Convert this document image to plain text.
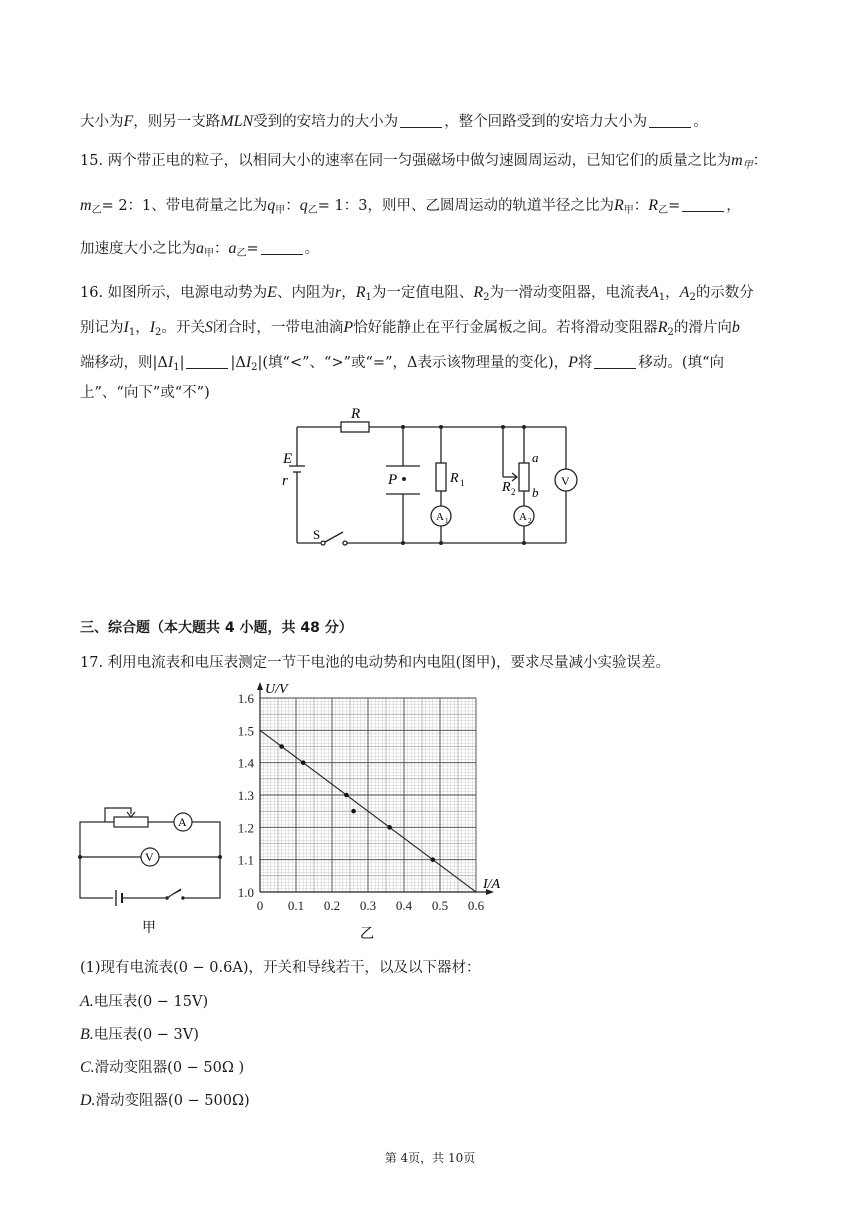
大小为F，则另一支路MLN受到的安培力的大小为	，整个回路受到的安培力大小为	。
15. 两个带正电的粒子，以相同大小的速率在同一匀强磁场中做匀速圆周运动，已知它们的质量之比为$m_甲$：
$m_乙= 2$：1、带电荷量之比为$q_甲$：$q_乙= 1$：3，则甲、乙圆周运动的轨道半径之比为$R_甲$：$R_乙=$	，
加速度大小之比为$a_甲$：$a_乙=$	。
16. 如图所示，电源电动势为E、内阻为r，$R_1$为一定值电阻、$R_2$为一滑动变阻器，电流表$A_1$，$A_2$的示数分
别记为$I_1$，$I_2$。开关S闭合时，一带电油滴P恰好能静止在平行金属板之间。若将滑动变阻器$R_2$的滑片向b
端移动，则$|\Delta I_1|$	$|\Delta I_2|$(填“<”、“>”或“=”，Δ表示该物理量的变化)，P将	移动。(填“向
上”、“向下”或“不”)
R
E
r	P	R 1	R 2
a
b
V
A 1	A 2
S
三、综合题（本大题共 4 小题，共 48 分）
17. 利用电流表和电压表测定一节干电池的电动势和内电阻(图甲)，要求尽量减小实验误差。
A
V
甲
0 0.1 0.2 0.3 0.4 0.5 0.6
1.0
1.1
1.2
1.3
1.4
1.5
1.6
U/V
I/A
乙
(1)现有电流表(0 − 0.6A)，开关和导线若干，以及以下器材：
A.电压表(0 − 15V)
B.电压表(0 − 3V)
C.滑动变阻器(0 − 50Ω )
D.滑动变阻器(0 − 500Ω)
第 4页，共 10页
